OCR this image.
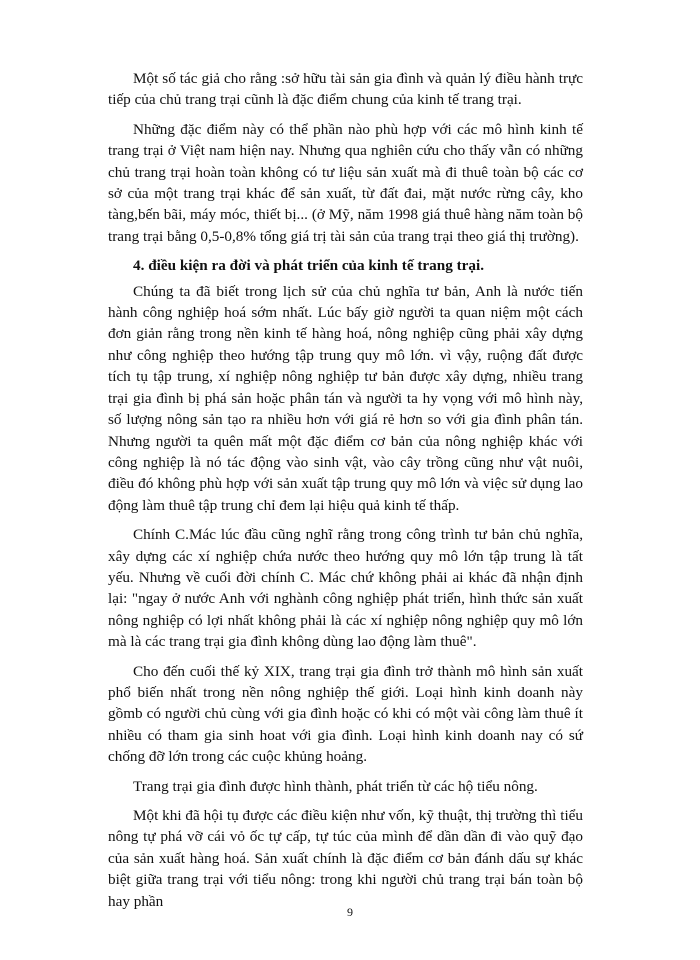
Một số tác giả cho rằng :sở hữu tài sản gia đình và quản lý điều hành trực tiếp của chủ trang trại cũnh là đặc điểm chung của kinh tế trang trại.

Những đặc điểm này có thể phần nào phù hợp với các mô hình kinh tế trang trại ở Việt nam hiện nay. Nhưng qua nghiên cứu cho thấy vẫn có những chủ trang trại hoàn toàn không có tư liệu sản xuất mà đi thuê toàn bộ các cơ sở của một trang trại khác để sản xuất, từ đất đai, mặt nước rừng cây, kho tàng,bến bãi, máy móc, thiết bị... (ở Mỹ, năm 1998 giá thuê hàng năm toàn bộ trang trại bằng 0,5-0,8% tổng giá trị tài sản của trang trại theo giá thị trường).

4. điều kiện ra đời và phát triển của kinh tế trang trại.

Chúng ta đã biết trong lịch sử của chủ nghĩa tư bản, Anh là nước tiến hành công nghiệp hoá sớm nhất. Lúc bấy giờ người ta quan niệm một cách đơn giản rằng trong nền kinh tế hàng hoá, nông nghiệp cũng phải xây dựng như công nghiệp theo hướng tập trung quy mô lớn. vì vậy, ruộng đất được tích tụ tập trung, xí nghiệp nông nghiệp tư bản được xây dựng, nhiều trang trại gia đình bị phá sản hoặc phân tán và người ta hy vọng với mô hình này, số lượng nông sản tạo ra nhiều hơn với giá rẻ hơn so với gia đình phân tán. Nhưng người ta quên mất một đặc điểm cơ bản của nông nghiệp khác với công nghiệp là nó tác động vào sinh vật, vào cây trồng cũng như vật nuôi, điều đó không phù hợp với sản xuất tập trung quy mô lớn và việc sử dụng lao động làm thuê tập trung chỉ đem lại hiệu quả kinh tế thấp.

Chính C.Mác lúc đầu cũng nghĩ rằng trong công trình tư bản chủ nghĩa, xây dựng các xí nghiệp chứa nước theo hướng quy mô lớn tập trung là tất yếu. Nhưng về cuối đời chính C. Mác chứ không phải ai khác đã nhận định lại: "ngay ở nước Anh với nghành công nghiệp phát triển, hình thức sản xuất nông nghiệp có lợi nhất không phải là các xí nghiệp nông nghiệp quy mô lớn mà là các trang trại gia đình không dùng lao động làm thuê".

Cho đến cuối thế kỷ XIX, trang trại gia đình trở thành mô hình sản xuất phổ biến nhất trong nền nông nghiệp thế giới. Loại hình kinh doanh này gồmb có người chủ cùng với gia đình hoặc có khi có một vài công làm thuê ít nhiều có tham gia sinh hoat với gia đình. Loại hình kinh doanh nay có sứ chống đỡ lớn trong các cuộc khủng hoảng.

Trang trại gia đình được hình thành, phát triển từ các hộ tiểu nông.

Một khi đã hội tụ được các điều kiện như vốn, kỹ thuật, thị trường thì tiểu nông tự phá vỡ cái vỏ ốc tự cấp, tự túc của mình để dần dần đi vào quỹ đạo của sản xuất hàng hoá. Sản xuất chính là đặc điểm cơ bản đánh dấu sự khác biệt giữa trang trại với tiểu nông: trong khi người chủ trang trại bán toàn bộ hay phần

9
